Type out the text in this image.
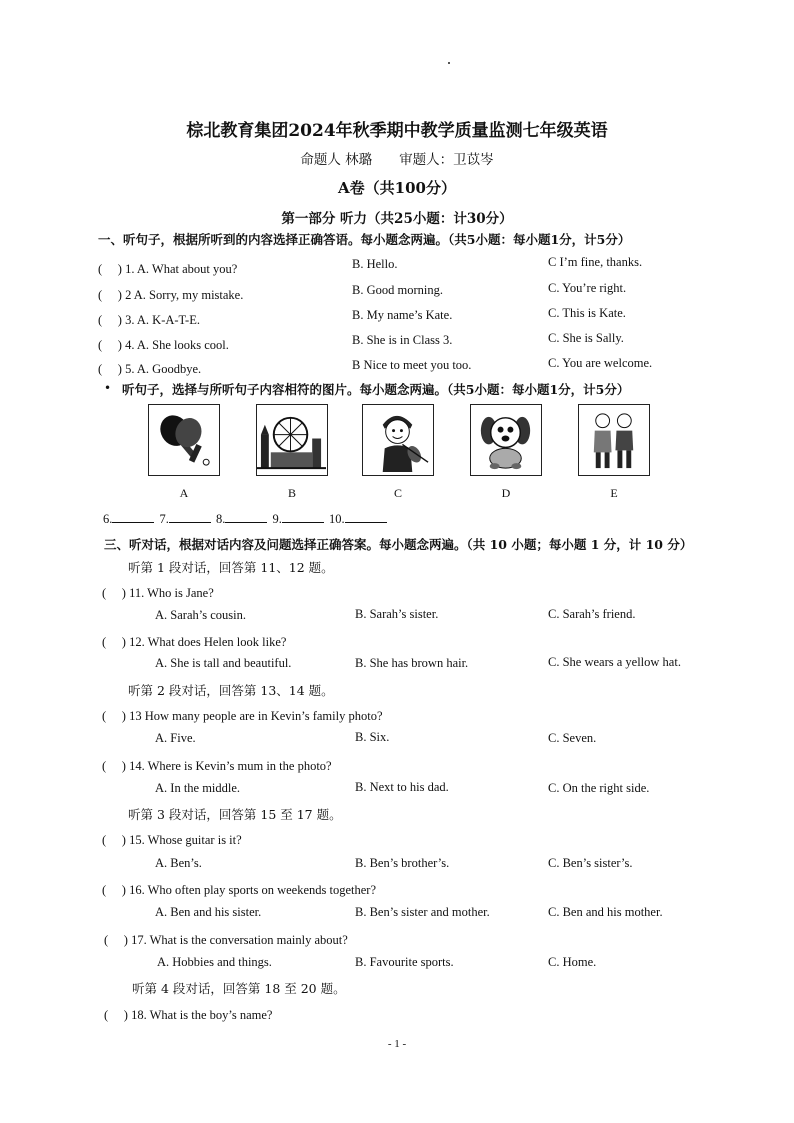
棕北教育集团2024年秋季期中教学质量监测七年级英语
命题人 林璐　　审题人：卫苡岑
A卷（共100分）
第一部分 听力（共25小题：计30分）
一、听句子，根据所听到的内容选择正确答语。每小题念两遍。（共5小题：每小题1分，计5分）
(　 ) 1. A. What about you?	B. Hello.	C I’m fine, thanks.
(　 ) 2 A. Sorry, my mistake.	B. Good morning.	C. You’re right.
(　 ) 3. A. K-A-T-E.	B. My name’s Kate.	C. This is Kate.
(　 ) 4. A. She looks cool.	B. She is in Class 3.	C. She is Sally.
(　 ) 5. A. Goodbye.	B Nice to meet you too.	C. You are welcome.
• 听句子，选择与所听句子内容相符的图片。每小题念两遍。（共5小题：每小题1分，计5分）
A	B	C	D	E
6.	7.	8.	9.	10.
三、听对话，根据对话内容及问题选择正确答案。每小题念两遍。（共 10 小题；每小题 1 分，计 10 分）
听第 1 段对话，回答第 11、12 题。
(　 ) 11. Who is Jane?
A. Sarah’s cousin.	B. Sarah’s sister.	C. Sarah’s friend.
(　 ) 12. What does Helen look like?
A. She is tall and beautiful.	B. She has brown hair.	C. She wears a yellow hat.
听第 2 段对话，回答第 13、14 题。
(　 ) 13 How many people are in Kevin’s family photo?
A. Five.	B. Six.	C. Seven.
(　 ) 14. Where is Kevin’s mum in the photo?
A. In the middle.	B. Next to his dad.	C. On the right side.
听第 3 段对话，回答第 15 至 17 题。
(　 ) 15. Whose guitar is it?
A. Ben’s.	B. Ben’s brother’s.	C. Ben’s sister’s.
(　 ) 16. Who often play sports on weekends together?
A. Ben and his sister.	B. Ben’s sister and mother.	C. Ben and his mother.
(　 ) 17. What is the conversation mainly about?
A. Hobbies and things.	B. Favourite sports.	C. Home.
听第 4 段对话，回答第 18 至 20 题。
(　 ) 18. What is the boy’s name?
- 1 -
